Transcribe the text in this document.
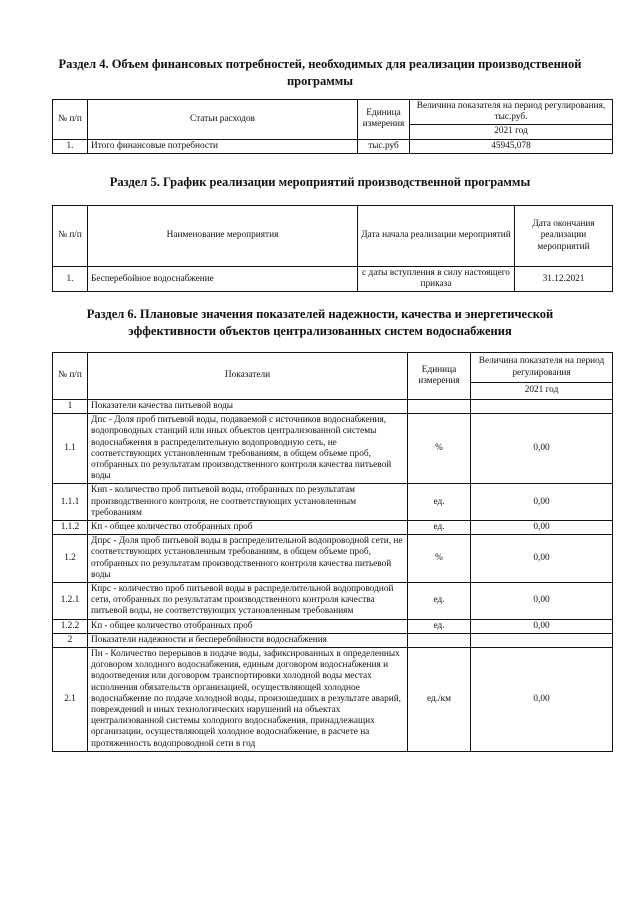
Раздел 4. Объем финансовых потребностей, необходимых для реализации производственной программы
№ п/п	Статьи расходов	Единица измерения	Величина показателя на период регулирования, тыс.руб.
			2021 год
1.	Итого финансовые потребности	тыс.руб	45945,078
Раздел 5. График реализации мероприятий производственной программы
№ п/п	Наименование мероприятия	Дата начала реализации мероприятий	Дата окончания реализации мероприятий
1.	Бесперебойное водоснабжение	с даты вступления в силу настоящего приказа	31.12.2021
Раздел 6. Плановые значения показателей надежности, качества и энергетической эффективности объектов централизованных систем водоснабжения
№ п/п	Показатели	Единица измерения	Величина показателя на период регулирования
			2021 год
1	Показатели качества питьевой воды		
1.1	Дпс - Доля проб питьевой воды, подаваемой с источников водоснабжения, водопроводных станций или иных объектов централизованной системы водоснабжения в распределительную водопроводную сеть, не соответствующих установленным требованиям, в общем объеме проб, отобранных по результатам производственного контроля качества питьевой воды	%	0,00
1.1.1	Кнп - количество проб питьевой воды, отобранных по результатам производственного контроля, не соответствующих установленным требованиям	ед.	0,00
1.1.2	Кп - общее количество отобранных проб	ед.	0,00
1.2	Дпрс - Доля проб питьевой воды в распределительной водопроводной сети, не соответствующих установленным требованиям, в общем объеме проб, отобранных по результатам производственного контроля качества питьевой воды	%	0,00
1.2.1	Кпрс - количество проб питьевой воды в распределительной водопроводной сети, отобранных по результатам производственного контроля качества питьевой воды, не соответствующих установленным требованиям	ед.	0,00
1.2.2	Кп - общее количество отобранных проб	ед.	0,00
2	Показатели надежности и бесперебойности водоснабжения		
2.1	Пн - Количество перерывов в подаче воды, зафиксированных в определенных договором холодного водоснабжения, единым договором водоснабжения и водоотведения или договором транспортировки холодной воды местах исполнения обязательств организацией, осуществляющей холодное водоснабжение по подаче холодной воды, произошедших в результате аварий, повреждений и иных технологических нарушений на объектах централизованной системы холодного водоснабжения, принадлежащих организации, осуществляющей холодное водоснабжение, в расчете на протяженность водопроводной сети в год	ед./км	0,00
